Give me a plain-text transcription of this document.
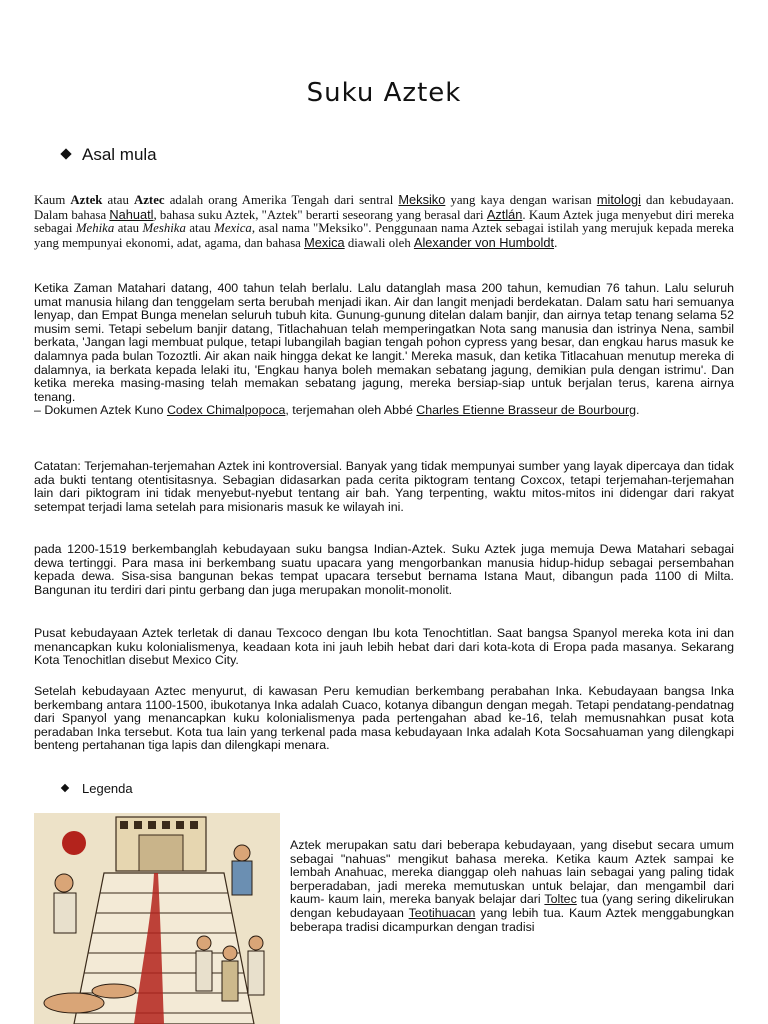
Suku Aztek
Asal mula

Kaum Aztek atau Aztec adalah orang Amerika Tengah dari sentral Meksiko yang kaya dengan warisan mitologi dan kebudayaan. Dalam bahasa Nahuatl, bahasa suku Aztek, "Aztek" berarti seseorang yang berasal dari Aztlán. Kaum Aztek juga menyebut diri mereka sebagai Mehika atau Meshika atau Mexica, asal nama "Meksiko". Penggunaan nama Aztek sebagai istilah yang merujuk kepada mereka yang mempunyai ekonomi, adat, agama, dan bahasa Mexica diawali oleh Alexander von Humboldt.

Ketika Zaman Matahari datang, 400 tahun telah berlalu. Lalu datanglah masa 200 tahun, kemudian 76 tahun. Lalu seluruh umat manusia hilang dan tenggelam serta berubah menjadi ikan. Air dan langit menjadi berdekatan. Dalam satu hari semuanya lenyap, dan Empat Bunga menelan seluruh tubuh kita. Gunung-gunung ditelan dalam banjir, dan airnya tetap tenang selama 52 musim semi. Tetapi sebelum banjir datang, Titlachahuan telah memperingatkan Nota sang manusia dan istrinya Nena, sambil berkata, 'Jangan lagi membuat pulque, tetapi lubangilah bagian tengah pohon cypress yang besar, dan engkau harus masuk ke dalamnya pada bulan Tozoztli. Air akan naik hingga dekat ke langit.' Mereka masuk, dan ketika Titlacahuan menutup mereka di dalamnya, ia berkata kepada lelaki itu, 'Engkau hanya boleh memakan sebatang jagung, demikian pula dengan istrimu'. Dan ketika mereka masing-masing telah memakan sebatang jagung, mereka bersiap-siap untuk berjalan terus, karena airnya tenang.
– Dokumen Aztek Kuno Codex Chimalpopoca, terjemahan oleh Abbé Charles Etienne Brasseur de Bourbourg.

Catatan: Terjemahan-terjemahan Aztek ini kontroversial. Banyak yang tidak mempunyai sumber yang layak dipercaya dan tidak ada bukti tentang otentisitasnya. Sebagian didasarkan pada cerita piktogram tentang Coxcox, tetapi terjemahan-terjemahan lain dari piktogram ini tidak menyebut-nyebut tentang air bah. Yang terpenting, waktu mitos-mitos ini didengar dari rakyat setempat terjadi lama setelah para misionaris masuk ke wilayah ini.

pada 1200-1519 berkembanglah kebudayaan suku bangsa Indian-Aztek. Suku Aztek juga memuja Dewa Matahari sebagai dewa tertinggi. Para masa ini berkembang suatu upacara yang mengorbankan manusia hidup-hidup sebagai persembahan kepada dewa. Sisa-sisa bangunan bekas tempat upacara tersebut bernama Istana Maut, dibangun pada 1100 di Milta. Bangunan itu terdiri dari pintu gerbang dan juga merupakan monolit-monolit.

Pusat kebudayaan Aztek terletak di danau Texcoco dengan Ibu kota Tenochtitlan. Saat bangsa Spanyol mereka kota ini dan menancapkan kuku kolonialismenya, keadaan kota ini jauh lebih hebat dari dari kota-kota di Eropa pada masanya. Sekarang Kota Tenochitlan disebut Mexico City.

Setelah kebudayaan Aztec menyurut, di kawasan Peru kemudian berkembang perabahan Inka. Kebudayaan bangsa Inka berkembang antara 1100-1500, ibukotanya Inka adalah Cuaco, kotanya dibangun dengan megah. Tetapi pendatang-pendatnag dari Spanyol yang menancapkan kuku kolonialismenya pada pertengahan abad ke-16, telah memusnahkan pusat kota peradaban Inka tersebut. Kota tua lain yang terkenal pada masa kebudayaan Inka adalah Kota Socsahuaman yang dilengkapi benteng pertahanan tiga lapis dan dilengkapi menara.

Legenda

Aztek merupakan satu dari beberapa kebudayaan, yang disebut secara umum sebagai "nahuas" mengikut bahasa mereka. Ketika kaum Aztek sampai ke lembah Anahuac, mereka dianggap oleh nahuas lain sebagai yang paling tidak berperadaban, jadi mereka memutuskan untuk belajar, dan mengambil dari kaum- kaum lain, mereka banyak belajar dari Toltec tua (yang sering dikelirukan dengan kebudayaan Teotihuacan yang lebih tua. Kaum Aztek menggabungkan beberapa tradisi dicampurkan dengan tradisi
